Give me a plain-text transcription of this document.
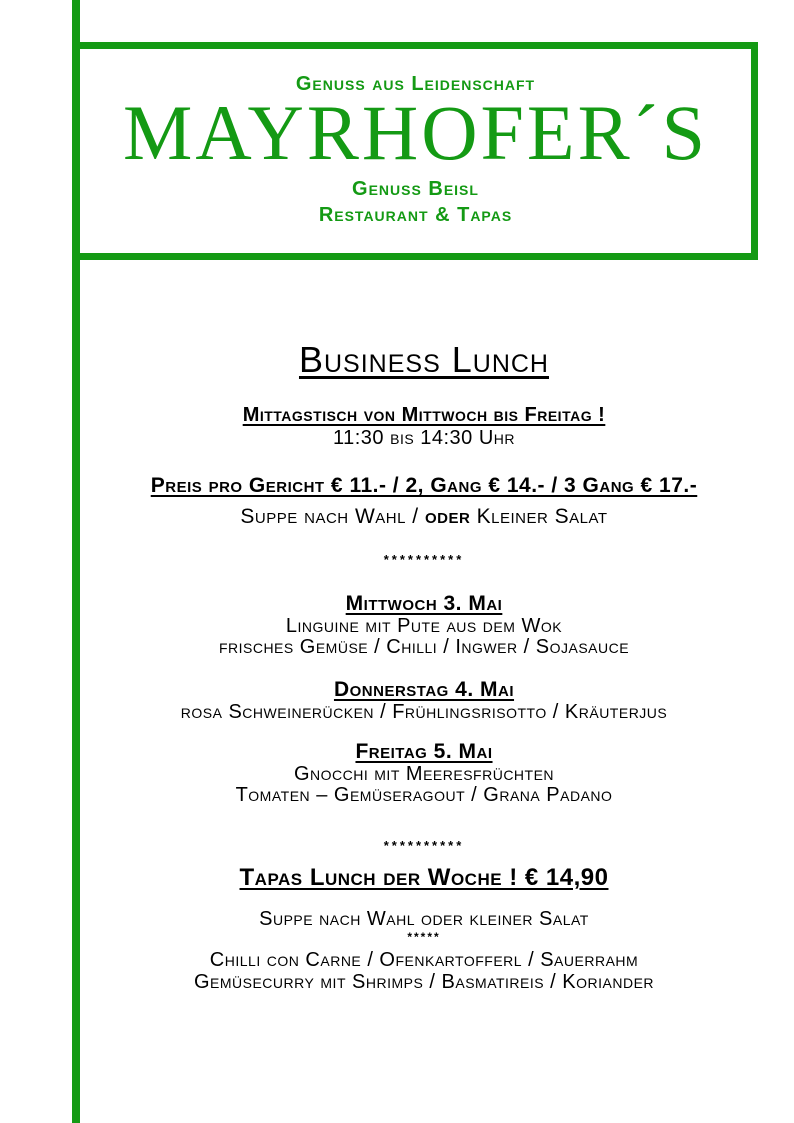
Genuss aus Leidenschaft
MAYRHOFER´S
Genuss Beisl
Restaurant & Tapas
Business Lunch
Mittagstisch von Mittwoch bis Freitag !
11:30 bis 14:30 Uhr
Preis pro Gericht € 11.- / 2, Gang € 14.- / 3 Gang € 17.-
Suppe nach Wahl / oder Kleiner Salat
**********
Mittwoch 3. Mai
Linguine mit Pute aus dem Wok
frisches Gemüse / Chilli / Ingwer / Sojasauce
Donnerstag 4. Mai
rosa Schweinerücken / Frühlingsrisotto / Kräuterjus
Freitag 5. Mai
Gnocchi mit Meeresfrüchten
Tomaten – Gemüseragout / Grana Padano
**********
Tapas Lunch der Woche ! € 14,90
Suppe nach Wahl oder kleiner Salat
*****
Chilli con Carne / Ofenkartofferl / Sauerrahm
Gemüsecurry mit Shrimps / Basmatireis / Koriander
